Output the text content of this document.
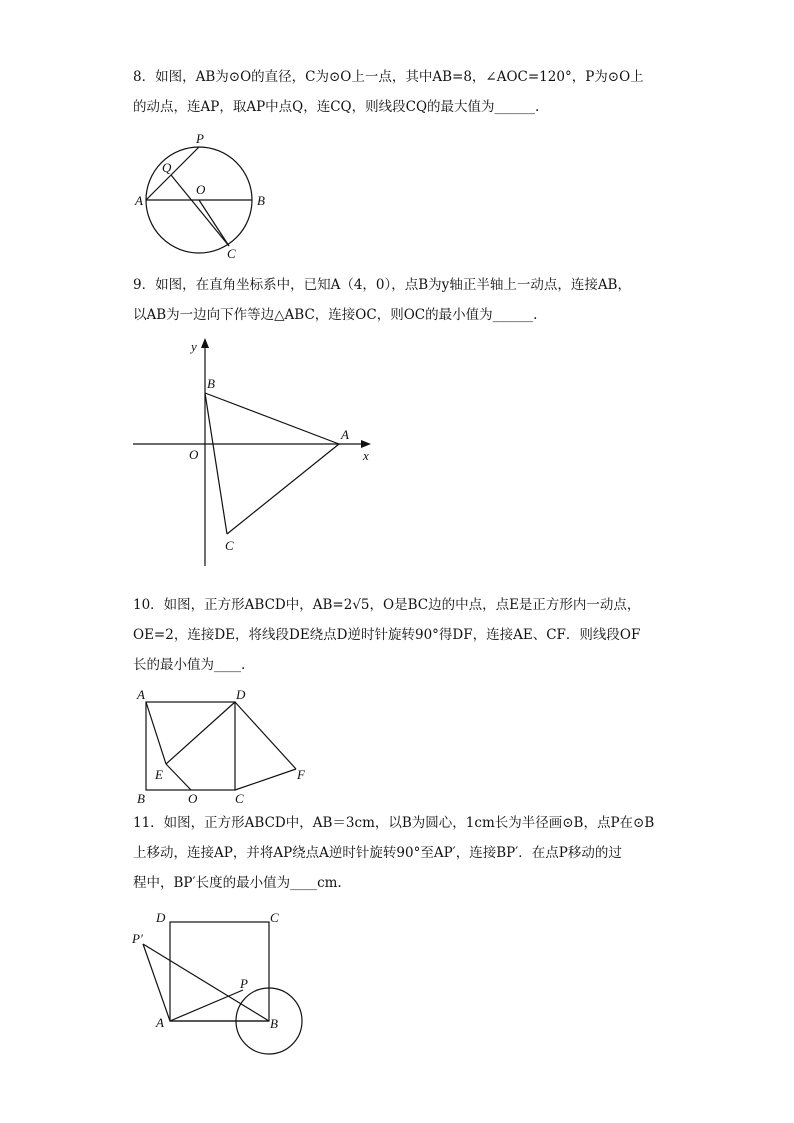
8．如图，AB为⊙O的直径，C为⊙O上一点，其中AB=8，∠AOC=120°，P为⊙O上

的动点，连AP，取AP中点Q，连CQ，则线段CQ的最大值为______.

P
Q
O
A	B
C

9．如图，在直角坐标系中，已知A（4，0），点B为y轴正半轴上一动点，连接AB，

以AB为一边向下作等边△ABC，连接OC，则OC的最小值为______.

y
x
O
A
B
C

10．如图，正方形ABCD中，AB=2√5，O是BC边的中点，点E是正方形内一动点，

OE=2，连接DE，将线段DE绕点D逆时针旋转90°得DF，连接AE、CF．则线段OF

长的最小值为____.

A	D
E	F
B	O	C

11．如图，正方形ABCD中，AB＝3cm，以B为圆心，1cm长为半径画⊙B，点P在⊙B

上移动，连接AP，并将AP绕点A逆时针旋转90°至AP′，连接BP′．在点P移动的过

程中，BP′长度的最小值为____cm.

D	C
P′
P
A	B
